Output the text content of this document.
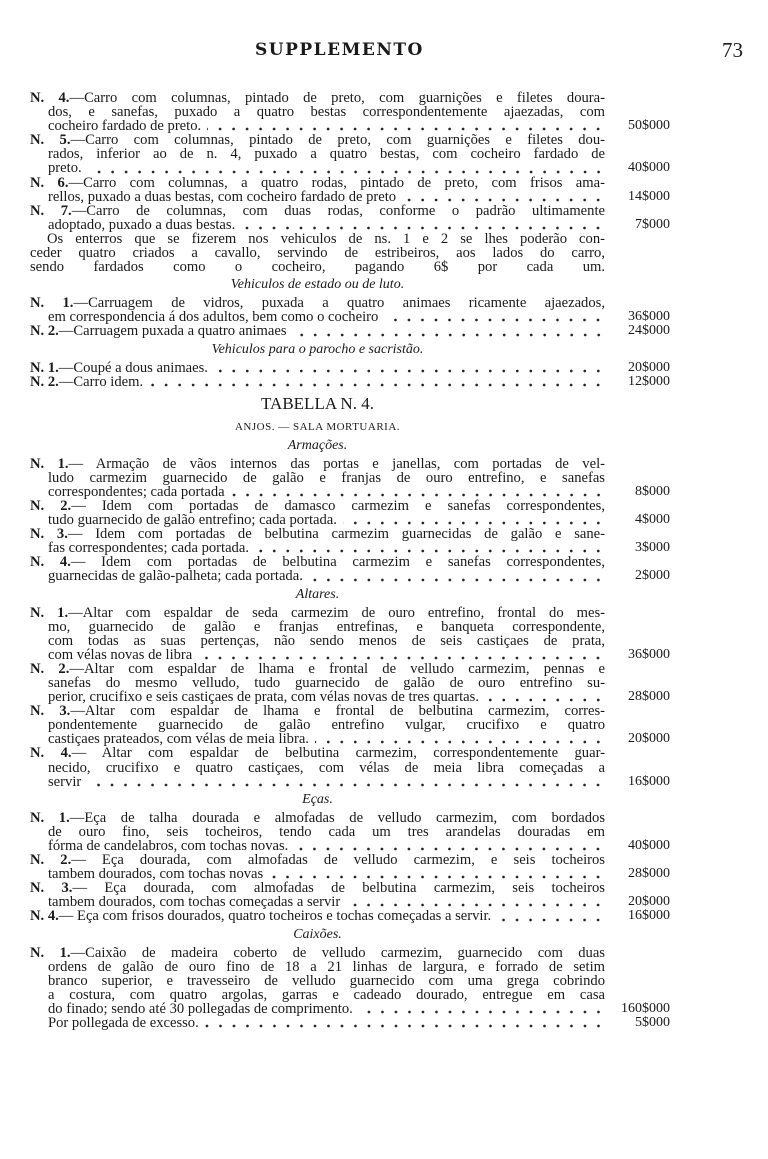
SUPPLEMENTO	73
N. 4.—Carro com columnas, pintado de preto, com guarnições e filetes doura-
dos, e sanefas, puxado a quatro bestas correspondentemente ajaezadas, com
cocheiro fardado de preto.	50$000
N. 5.—Carro com columnas, pintado de preto, com guarnições e filetes dou-
rados, inferior ao de n. 4, puxado a quatro bestas, com cocheiro fardado de
preto.	40$000
N. 6.—Carro com columnas, a quatro rodas, pintado de preto, com frisos ama-
rellos, puxado a duas bestas, com cocheiro fardado de preto	14$000
N. 7.—Carro de columnas, com duas rodas, conforme o padrão ultimamente
adoptado, puxado a duas bestas.	7$000
Os enterros que se fizerem nos vehiculos de ns. 1 e 2 se lhes poderão con-
ceder quatro criados a cavallo, servindo de estribeiros, aos lados do carro,
sendo fardados como o cocheiro, pagando 6$ por cada um.
Vehiculos de estado ou de luto.
N. 1.—Carruagem de vidros, puxada a quatro animaes ricamente ajaezados,
em correspondencia á dos adultos, bem como o cocheiro	36$000
N. 2.—Carruagem puxada a quatro animaes	24$000
Vehiculos para o parocho e sacristão.
N. 1.—Coupé a dous animaes.	20$000
N. 2.—Carro idem.	12$000
TABELLA N. 4.
ANJOS. — SALA MORTUARIA.
Armações.
N. 1.— Armação de vãos internos das portas e janellas, com portadas de vel-
ludo carmezim guarnecido de galão e franjas de ouro entrefino, e sanefas
correspondentes; cada portada	8$000
N. 2.— Idem com portadas de damasco carmezim e sanefas correspondentes,
tudo guarnecido de galão entrefino; cada portada.	4$000
N. 3.— Idem com portadas de belbutina carmezim guarnecidas de galão e sane-
fas correspondentes; cada portada.	3$000
N. 4.— Idem com portadas de belbutina carmezim e sanefas correspondentes,
guarnecidas de galão-palheta; cada portada.	2$000
Altares.
N. 1.—Altar com espaldar de seda carmezim de ouro entrefino, frontal do mes-
mo, guarnecido de galão e franjas entrefinas, e banqueta correspondente,
com todas as suas pertenças, não sendo menos de seis castiçaes de prata,
com vélas novas de libra	36$000
N. 2.—Altar com espaldar de lhama e frontal de velludo carmezim, pennas e
sanefas do mesmo velludo, tudo guarnecido de galão de ouro entrefino su-
perior, crucifixo e seis castiçaes de prata, com vélas novas de tres quartas.	28$000
N. 3.—Altar com espaldar de lhama e frontal de belbutina carmezim, corres-
pondentemente guarnecido de galão entrefino vulgar, crucifixo e quatro
castiçaes prateados, com vélas de meia libra.	20$000
N. 4.— Altar com espaldar de belbutina carmezim, correspondentemente guar-
necido, crucifixo e quatro castiçaes, com vélas de meia libra começadas a
servir	16$000
Eças.
N. 1.—Eça de talha dourada e almofadas de velludo carmezim, com bordados
de ouro fino, seis tocheiros, tendo cada um tres arandelas douradas em
fórma de candelabros, com tochas novas.	40$000
N. 2.— Eça dourada, com almofadas de velludo carmezim, e seis tocheiros
tambem dourados, com tochas novas	28$000
N. 3.— Eça dourada, com almofadas de belbutina carmezim, seis tocheiros
tambem dourados, com tochas começadas a servir	20$000
N. 4.— Eça com frisos dourados, quatro tocheiros e tochas começadas a servir.	16$000
Caixões.
N. 1.—Caixão de madeira coberto de velludo carmezim, guarnecido com duas
ordens de galão de ouro fino de 18 a 21 linhas de largura, e forrado de setim
branco superior, e travesseiro de velludo guarnecido com uma grega cobrindo
a costura, com quatro argolas, garras e cadeado dourado, entregue em casa
do finado; sendo até 30 pollegadas de comprimento.	160$000
Por pollegada de excesso.	5$000
